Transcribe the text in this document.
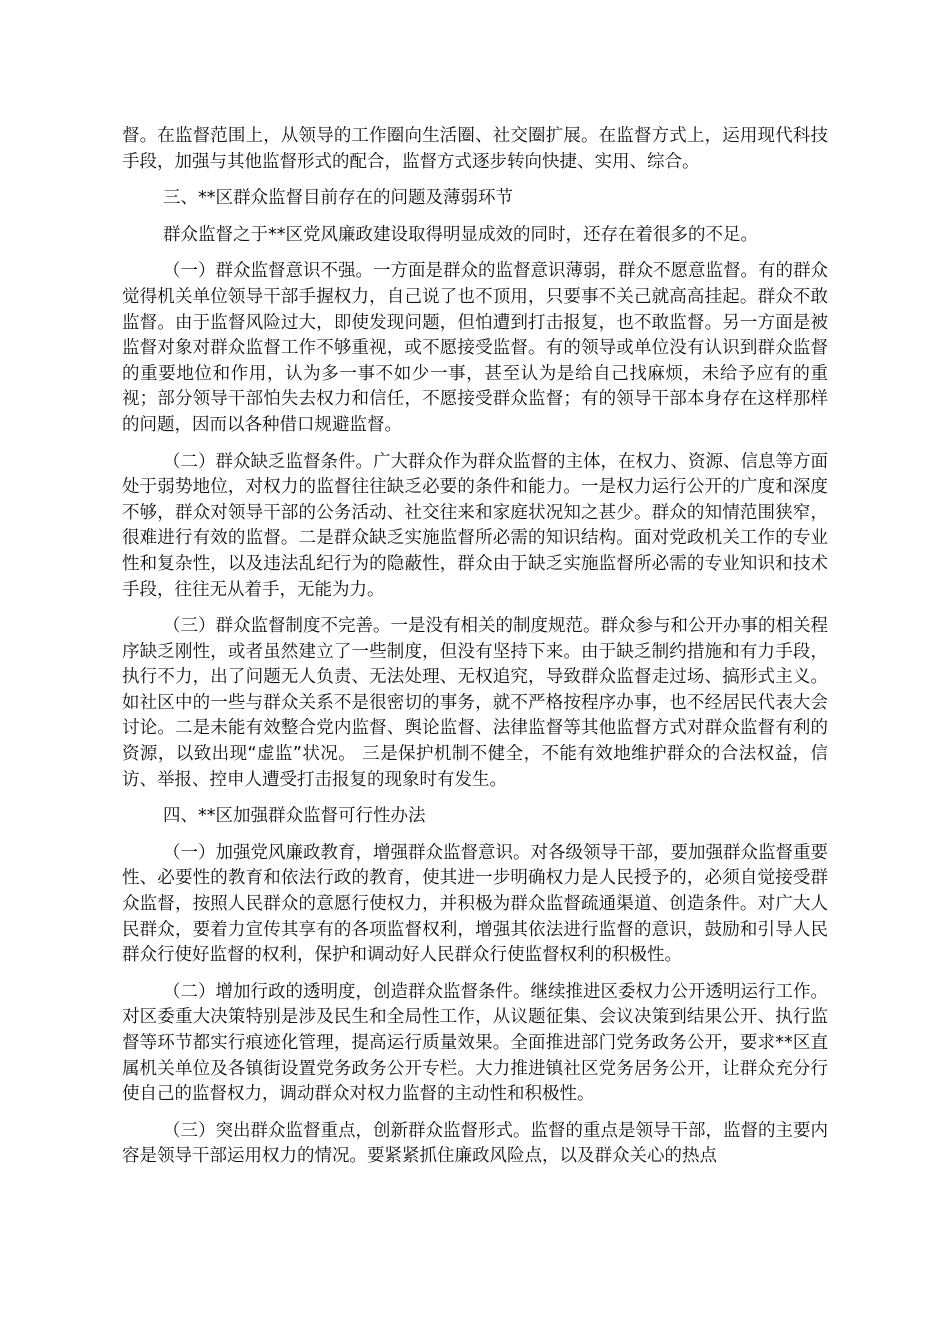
督。在监督范围上，从领导的工作圈向生活圈、社交圈扩展。在监督方式上，运用现代科技手段，加强与其他监督形式的配合，监督方式逐步转向快捷、实用、综合。

三、**区群众监督目前存在的问题及薄弱环节

群众监督之于**区党风廉政建设取得明显成效的同时，还存在着很多的不足。

（一）群众监督意识不强。一方面是群众的监督意识薄弱，群众不愿意监督。有的群众觉得机关单位领导干部手握权力，自己说了也不顶用，只要事不关己就高高挂起。群众不敢监督。由于监督风险过大，即使发现问题，但怕遭到打击报复，也不敢监督。另一方面是被监督对象对群众监督工作不够重视，或不愿接受监督。有的领导或单位没有认识到群众监督的重要地位和作用，认为多一事不如少一事，甚至认为是给自己找麻烦，未给予应有的重视；部分领导干部怕失去权力和信任，不愿接受群众监督；有的领导干部本身存在这样那样的问题，因而以各种借口规避监督。

（二）群众缺乏监督条件。广大群众作为群众监督的主体，在权力、资源、信息等方面处于弱势地位，对权力的监督往往缺乏必要的条件和能力。一是权力运行公开的广度和深度不够，群众对领导干部的公务活动、社交往来和家庭状况知之甚少。群众的知情范围狭窄，很难进行有效的监督。二是群众缺乏实施监督所必需的知识结构。面对党政机关工作的专业性和复杂性，以及违法乱纪行为的隐蔽性，群众由于缺乏实施监督所必需的专业知识和技术手段，往往无从着手，无能为力。

（三）群众监督制度不完善。一是没有相关的制度规范。群众参与和公开办事的相关程序缺乏刚性，或者虽然建立了一些制度，但没有坚持下来。由于缺乏制约措施和有力手段，执行不力，出了问题无人负责、无法处理、无权追究，导致群众监督走过场、搞形式主义。如社区中的一些与群众关系不是很密切的事务，就不严格按程序办事，也不经居民代表大会讨论。二是未能有效整合党内监督、舆论监督、法律监督等其他监督方式对群众监督有利的资源，以致出现“虚监”状况。 三是保护机制不健全，不能有效地维护群众的合法权益，信访、举报、控申人遭受打击报复的现象时有发生。

四、**区加强群众监督可行性办法

（一）加强党风廉政教育，增强群众监督意识。对各级领导干部，要加强群众监督重要性、必要性的教育和依法行政的教育，使其进一步明确权力是人民授予的，必须自觉接受群众监督，按照人民群众的意愿行使权力，并积极为群众监督疏通渠道、创造条件。对广大人民群众，要着力宣传其享有的各项监督权利，增强其依法进行监督的意识，鼓励和引导人民群众行使好监督的权利，保护和调动好人民群众行使监督权利的积极性。

（二）增加行政的透明度，创造群众监督条件。继续推进区委权力公开透明运行工作。对区委重大决策特别是涉及民生和全局性工作，从议题征集、会议决策到结果公开、执行监督等环节都实行痕迹化管理，提高运行质量效果。全面推进部门党务政务公开，要求**区直属机关单位及各镇街设置党务政务公开专栏。大力推进镇社区党务居务公开，让群众充分行使自己的监督权力，调动群众对权力监督的主动性和积极性。

（三）突出群众监督重点，创新群众监督形式。监督的重点是领导干部，监督的主要内容是领导干部运用权力的情况。要紧紧抓住廉政风险点，以及群众关心的热点
